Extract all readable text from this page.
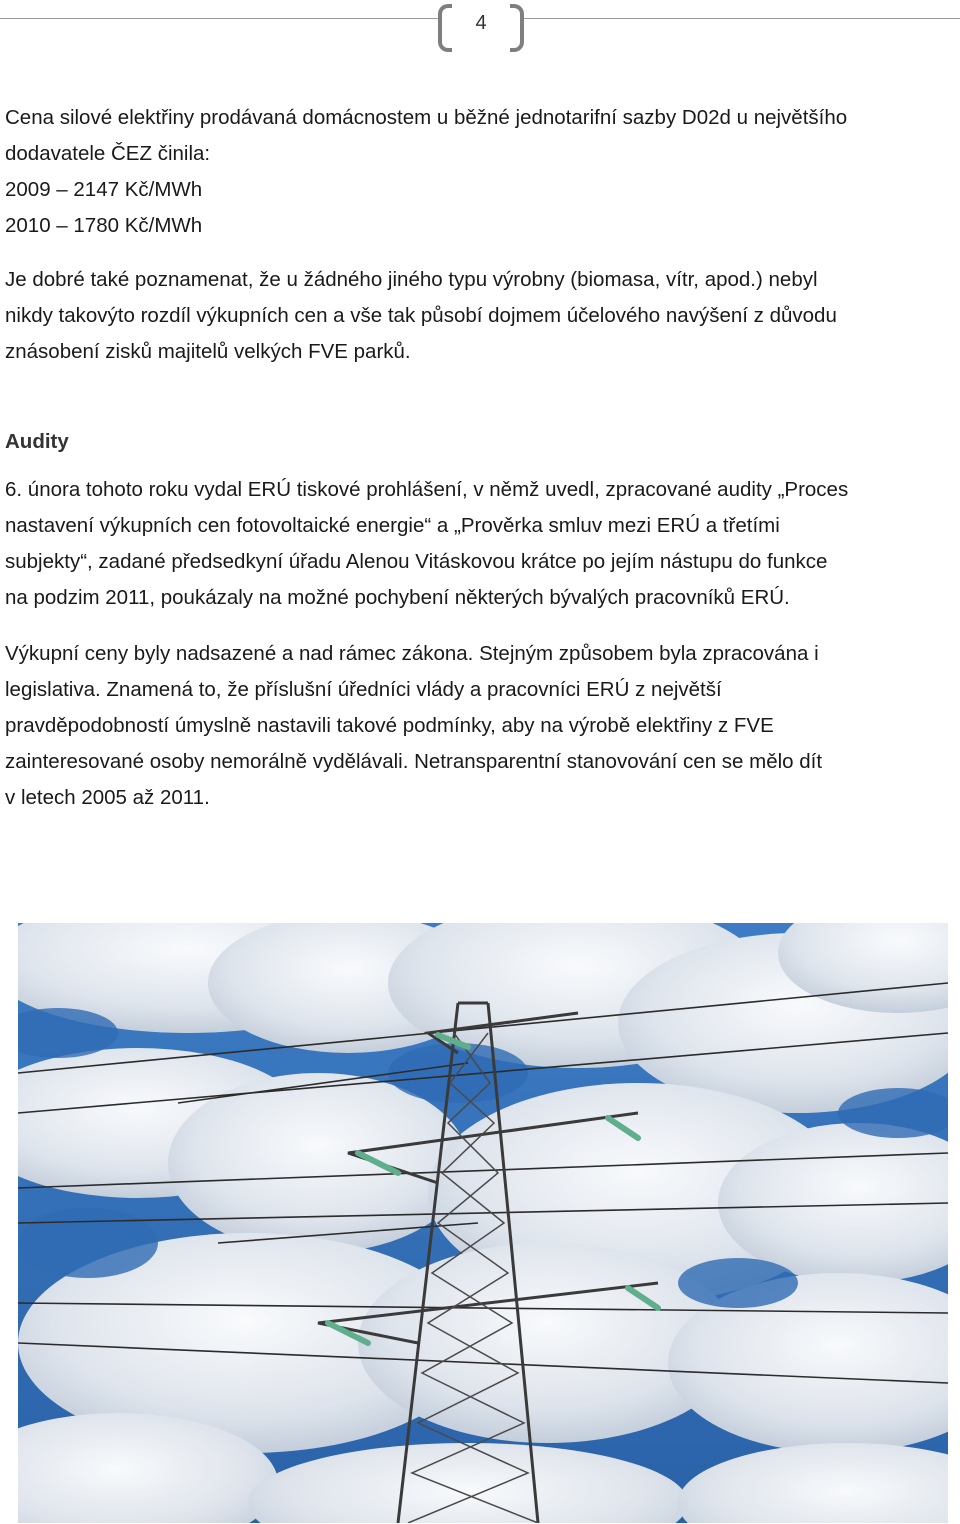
4

Cena silové elektřiny prodávaná domácnostem u běžné jednotarifní sazby D02d u největšího

dodavatele ČEZ činila:

2009 – 2147 Kč/MWh

2010 – 1780 Kč/MWh

Je dobré také poznamenat, že u žádného jiného typu výrobny (biomasa, vítr, apod.) nebyl

nikdy takovýto rozdíl výkupních cen a vše tak působí dojmem účelového navýšení z důvodu

znásobení zisků majitelů velkých FVE parků.

Audity

6. února tohoto roku vydal ERÚ tiskové prohlášení, v němž uvedl, zpracované audity „Proces

nastavení výkupních cen fotovoltaické energie“ a „Prověrka smluv mezi ERÚ a třetími

subjekty“, zadané předsedkyní úřadu Alenou Vitáskovou krátce po jejím nástupu do funkce

na podzim 2011, poukázaly na možné pochybení některých bývalých pracovníků ERÚ.

Výkupní ceny byly nadsazené a nad rámec zákona. Stejným způsobem byla zpracována i

legislativa. Znamená to, že příslušní úředníci vlády a pracovníci ERÚ z největší

pravděpodobností úmyslně nastavili takové podmínky, aby na výrobě elektřiny z FVE

zainteresované osoby nemorálně vydělávali. Netransparentní stanovování cen se mělo dít

v letech 2005 až 2011.
